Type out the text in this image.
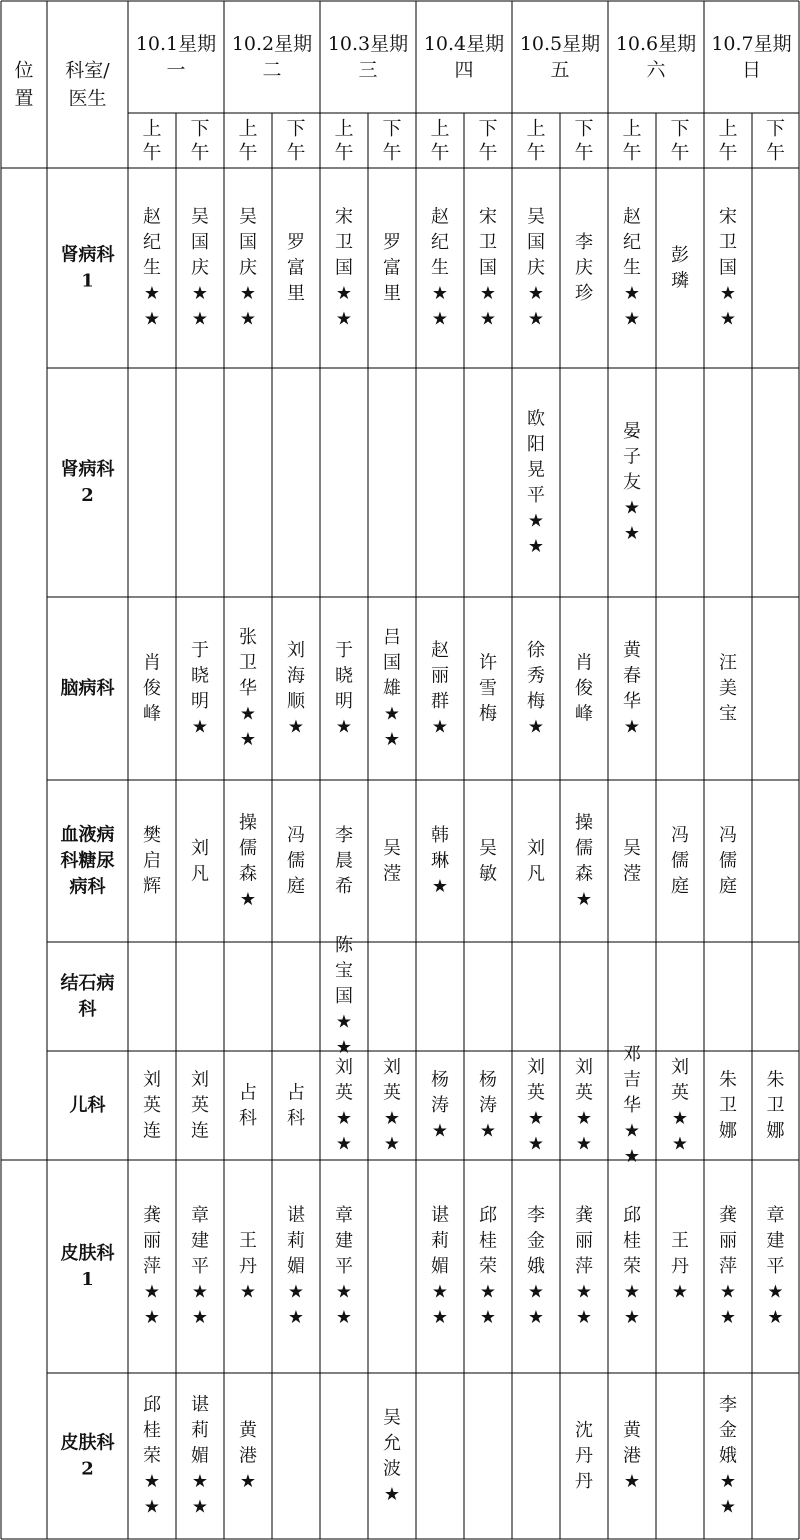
位置
科室/医生
10.1星期一
上午
下午
10.2星期二
上午
下午
10.3星期三
上午
下午
10.4星期四
上午
下午
10.5星期五
上午
下午
10.6星期六
上午
下午
10.7星期日
上午
下午
肾病科 1
赵纪生★ ★
吴国庆★ ★
吴国庆★ ★
罗富里
宋卫国★ ★
罗富里
赵纪生★ ★
宋卫国★ ★
吴国庆★ ★
李庆珍
赵纪生★ ★
彭璘
宋卫国★ ★
肾病科 2
欧阳晃平★ ★
晏子友★ ★
脑病科
肖俊峰
于晓明★
张卫华★ ★
刘海顺★
于晓明★
吕国雄★ ★
赵丽群★
许雪梅
徐秀梅★
肖俊峰
黄春华★
汪美宝
血液病科糖尿病科
樊启辉
刘凡
操儒森★
冯儒庭
李晨希
吴滢
韩琳★
吴敏
刘凡
操儒森★
吴滢
冯儒庭
冯儒庭
结石病科
陈宝国★ ★
儿科
刘英连
刘英连
占科
占科
刘英★ ★
刘英★ ★
杨涛★
杨涛★
刘英★ ★
刘英★ ★
邓吉华★ ★
刘英★ ★
朱卫娜
朱卫娜
皮肤科 1
龚丽萍★ ★
章建平★ ★
王丹★
谌莉媚★ ★
章建平★ ★
谌莉媚★ ★
邱桂荣★ ★
李金娥★ ★
龚丽萍★ ★
邱桂荣★ ★
王丹★
龚丽萍★ ★
章建平★ ★
皮肤科 2
邱桂荣★ ★
谌莉媚★ ★
黄港★
吴允波★
沈丹丹
黄港★
李金娥★ ★
